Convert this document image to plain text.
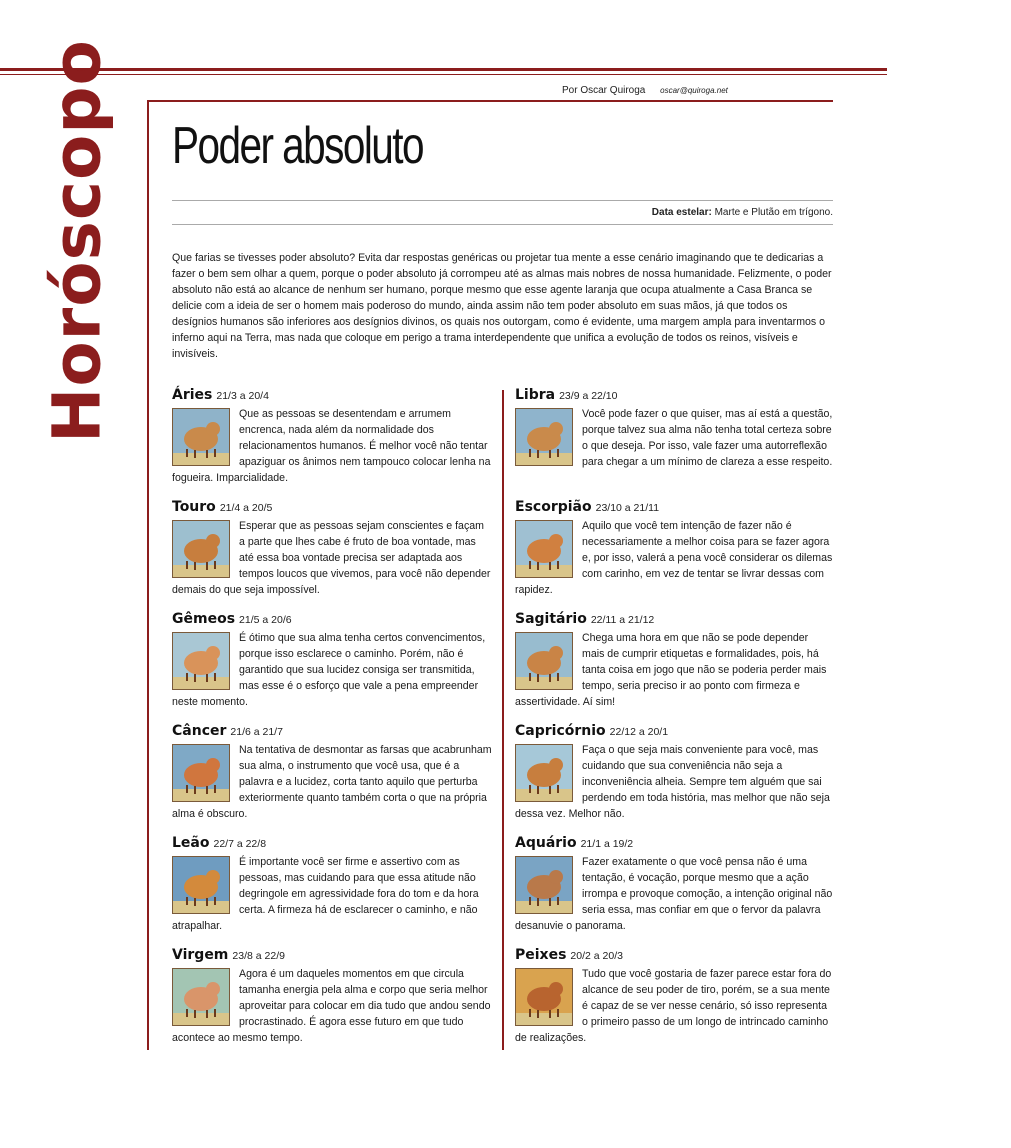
Por Oscar Quiroga oscar@quiroga.net
Horóscopo Poder absoluto
Data estelar: Marte e Plutão em trígono.

Que farias se tivesses poder absoluto? Evita dar respostas genéricas ou projetar tua mente a esse cenário imaginando que te dedicarias a fazer o bem sem olhar a quem, porque o poder absoluto já corrompeu até as almas mais nobres de nossa humanidade. Felizmente, o poder absoluto não está ao alcance de nenhum ser humano, porque mesmo que esse agente laranja que ocupa atualmente a Casa Branca se delicie com a ideia de ser o homem mais poderoso do mundo, ainda assim não tem poder absoluto em suas mãos, já que todos os desígnios humanos são inferiores aos desígnios divinos, os quais nos outorgam, como é evidente, uma margem ampla para inventarmos o inferno aqui na Terra, mas nada que coloque em perigo a trama interdependente que unifica a evolução de todos os reinos, visíveis e invisíveis.

Áries 21/3 a 20/4

Que as pessoas se desentendam e arrumem encrenca, nada além da normalidade dos relacionamentos humanos. É melhor você não tentar apaziguar os ânimos nem tampouco colocar lenha na fogueira. Imparcialidade.

Touro 21/4 a 20/5

Esperar que as pessoas sejam conscientes e façam a parte que lhes cabe é fruto de boa vontade, mas até essa boa vontade precisa ser adaptada aos tempos loucos que vivemos, para você não depender demais do que seja impossível.

Gêmeos 21/5 a 20/6

É ótimo que sua alma tenha certos convencimentos, porque isso esclarece o caminho. Porém, não é garantido que sua lucidez consiga ser transmitida, mas esse é o esforço que vale a pena empreender neste momento.

Câncer 21/6 a 21/7

Na tentativa de desmontar as farsas que acabrunham sua alma, o instrumento que você usa, que é a palavra e a lucidez, corta tanto aquilo que perturba exteriormente quanto também corta o que na própria alma é obscuro.

Leão 22/7 a 22/8

É importante você ser firme e assertivo com as pessoas, mas cuidando para que essa atitude não degringole em agressividade fora do tom e da hora certa. A firmeza há de esclarecer o caminho, e não atrapalhar.

Virgem 23/8 a 22/9

Agora é um daqueles momentos em que circula tamanha energia pela alma e corpo que seria melhor aproveitar para colocar em dia tudo que andou sendo procrastinado. É agora esse futuro em que tudo acontece ao mesmo tempo.

Libra 23/9 a 22/10

Você pode fazer o que quiser, mas aí está a questão, porque talvez sua alma não tenha total certeza sobre o que deseja. Por isso, vale fazer uma autorreflexão para chegar a um mínimo de clareza a esse respeito.

Escorpião 23/10 a 21/11

Aquilo que você tem intenção de fazer não é necessariamente a melhor coisa para se fazer agora e, por isso, valerá a pena você considerar os dilemas com carinho, em vez de tentar se livrar dessas com rapidez.

Sagitário 22/11 a 21/12

Chega uma hora em que não se pode depender mais de cumprir etiquetas e formalidades, pois, há tanta coisa em jogo que não se poderia perder mais tempo, seria preciso ir ao ponto com firmeza e assertividade. Aí sim!

Capricórnio 22/12 a 20/1

Faça o que seja mais conveniente para você, mas cuidando que sua conveniência não seja a inconveniência alheia. Sempre tem alguém que sai perdendo em toda história, mas melhor que não seja dessa vez. Melhor não.

Aquário 21/1 a 19/2

Fazer exatamente o que você pensa não é uma tentação, é vocação, porque mesmo que a ação irrompa e provoque comoção, a intenção original não seria essa, mas confiar em que o fervor da palavra desanuvie o panorama.

Peixes 20/2 a 20/3

Tudo que você gostaria de fazer parece estar fora do alcance de seu poder de tiro, porém, se a sua mente é capaz de se ver nesse cenário, só isso representa o primeiro passo de um longo de intrincado caminho de realizações.
